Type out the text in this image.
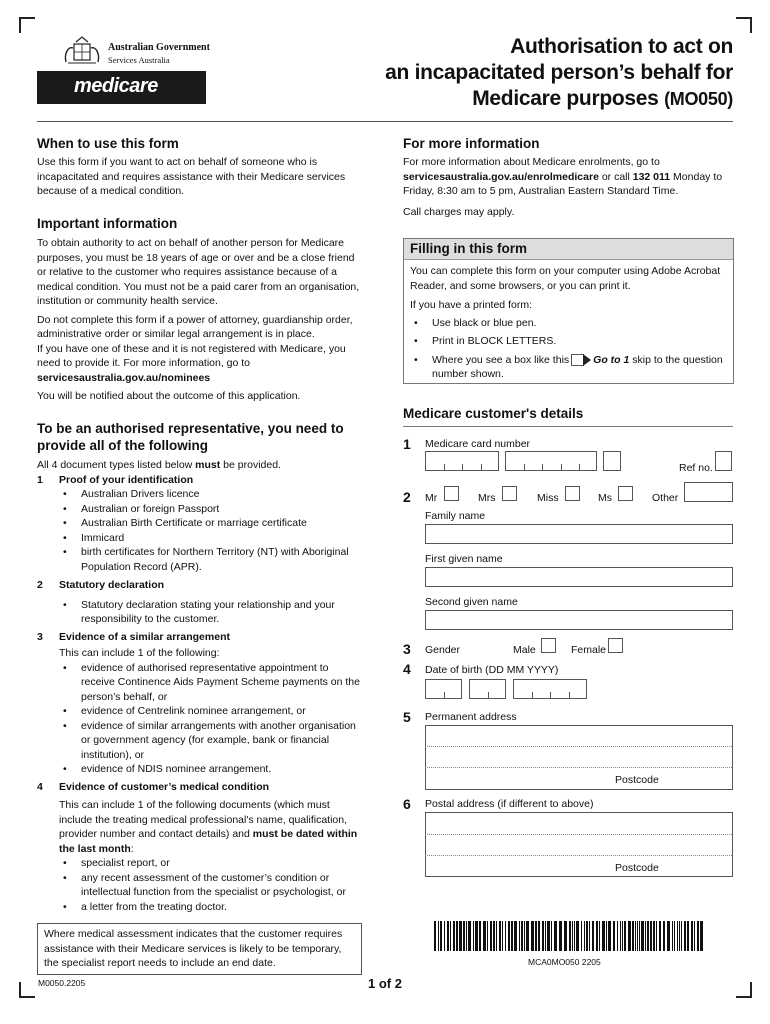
Australian Government
Services Australia
medicare
Authorisation to act on
an incapacitated person’s behalf for
Medicare purposes (MO050)
When to use this form
Use this form if you want to act on behalf of someone who is incapacitated and requires assistance with their Medicare services because of a medical condition.
Important information
To obtain authority to act on behalf of another person for Medicare purposes, you must be 18 years of age or over and be a close friend or relative to the customer who requires assistance because of a medical condition. You must not be a paid carer from an organisation, institution or community health service.
Do not complete this form if a power of attorney, guardianship order, administrative order or similar legal arrangement is in place.
If you have one of these and it is not registered with Medicare, you need to provide it. For more information, go to servicesaustralia.gov.au/nominees
You will be notified about the outcome of this application.
To be an authorised representative, you need to
provide all of the following
All 4 document types listed below must be provided.
1 Proof of your identification
• Australian Drivers licence
• Australian or foreign Passport
• Australian Birth Certificate or marriage certificate
• Immicard
• birth certificates for Northern Territory (NT) with Aboriginal Population Record (APR).
2 Statutory declaration
• Statutory declaration stating your relationship and your responsibility to the customer.
3 Evidence of a similar arrangement
This can include 1 of the following:
• evidence of authorised representative appointment to receive Continence Aids Payment Scheme payments on the person’s behalf, or
• evidence of Centrelink nominee arrangement, or
• evidence of similar arrangements with another organisation or government agency (for example, bank or financial institution), or
• evidence of NDIS nominee arrangement.
4 Evidence of customer’s medical condition
This can include 1 of the following documents (which must include the treating medical professional's name, qualification, provider number and contact details) and must be dated within the last month:
• specialist report, or
• any recent assessment of the customer’s condition or intellectual function from the specialist or psychologist, or
• a letter from the treating doctor.
Where medical assessment indicates that the customer requires assistance with their Medicare services is likely to be temporary, the specialist report needs to include an end date.
For more information
For more information about Medicare enrolments, go to servicesaustralia.gov.au/enrolmedicare or call 132 011 Monday to Friday, 8:30 am to 5 pm, Australian Eastern Standard Time.
Call charges may apply.
Filling in this form
You can complete this form on your computer using Adobe Acrobat Reader, and some browsers, or you can print it.
If you have a printed form:
• Use black or blue pen.
• Print in BLOCK LETTERS.
• Where you see a box like this Go to 1 skip to the question number shown.
Medicare customer's details
1 Medicare card number
Ref no.
2 Mr	Mrs	Miss	Ms	Other
Family name
First given name
Second given name
3 Gender	Male	Female
4 Date of birth (DD MM YYYY)
5 Permanent address
Postcode
6 Postal address (if different to above)
Postcode
MCA0MO050 2205
M0050.2205	1 of 2
